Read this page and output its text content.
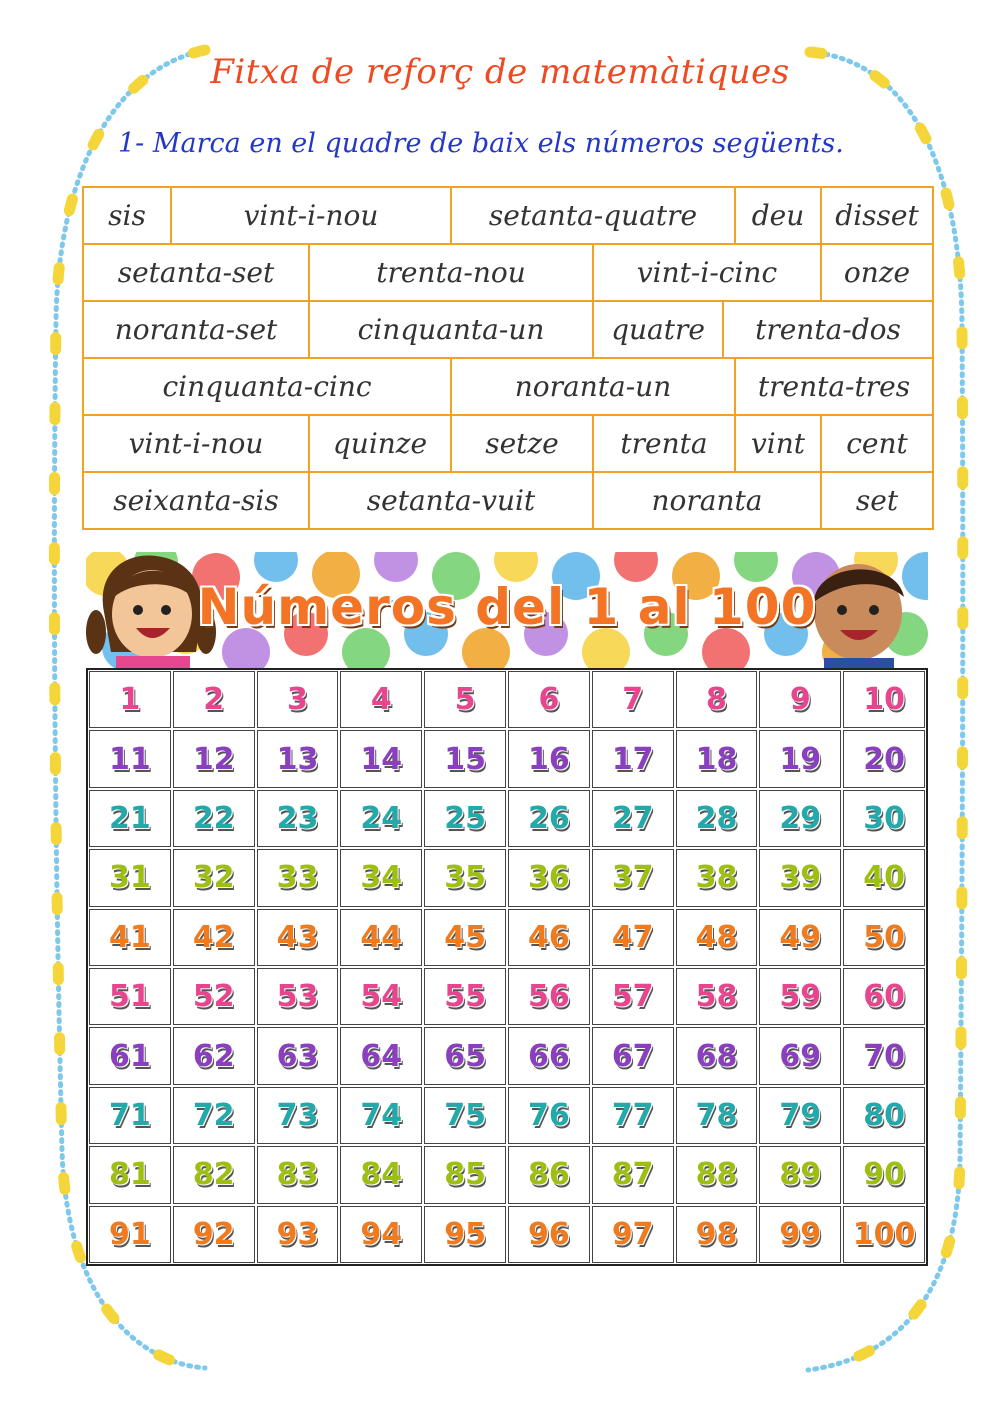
Fitxa de reforç de matemàtiques
1- Marca en el quadre de baix els números següents.
sis	vint-i-nou	setanta-quatre	deu	disset
setanta-set	trenta-nou	vint-i-cinc	onze
noranta-set	cinquanta-un	quatre	trenta-dos
cinquanta-cinc	noranta-un	trenta-tres
vint-i-nou	quinze	setze	trenta	vint	cent
seixanta-sis	setanta-vuit	noranta	set
Números del 1 al 100
1	2	3	4	5	6	7	8	9	10
11	12	13	14	15	16	17	18	19	20
21	22	23	24	25	26	27	28	29	30
31	32	33	34	35	36	37	38	39	40
41	42	43	44	45	46	47	48	49	50
51	52	53	54	55	56	57	58	59	60
61	62	63	64	65	66	67	68	69	70
71	72	73	74	75	76	77	78	79	80
81	82	83	84	85	86	87	88	89	90
91	92	93	94	95	96	97	98	99	100
